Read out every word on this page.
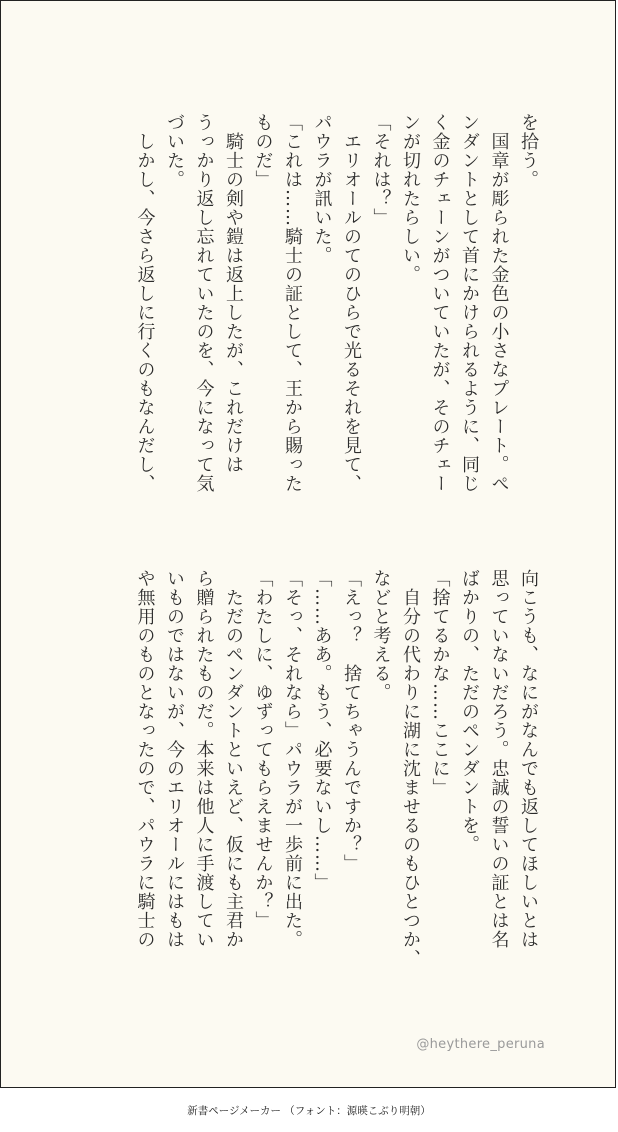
を拾う。
　国章が彫られた金色の小さなプレート。ぺ
ンダントとして首にかけられるように、同じ
く金のチェーンがついていたが、そのチェー
ンが切れたらしい。
「それは？」
　エリオールのてのひらで光るそれを見て、
パウラが訊いた。
「これは……騎士の証として、王から賜った
ものだ」
　騎士の剣や鎧は返上したが、これだけは
うっかり返し忘れていたのを、今になって気
づいた。
　しかし、今さら返しに行くのもなんだし、
向こうも、なにがなんでも返してほしいとは
思っていないだろう。忠誠の誓いの証とは名
ばかりの、ただのペンダントを。
「捨てるかな……ここに」
　自分の代わりに湖に沈ませるのもひとつか、
などと考える。
「えっ？　捨てちゃうんですか？」
「……ああ。もう、必要ないし……」
「そっ、それなら」パウラが一歩前に出た。
「わたしに、ゆずってもらえませんか？」
　ただのペンダントといえど、仮にも主君か
ら贈られたものだ。本来は他人に手渡してい
いものではないが、今のエリオールにはもは
や無用のものとなったので、パウラに騎士の
@heythere_peruna
新書ページメーカー （フォント：源暎こぶり明朝）
